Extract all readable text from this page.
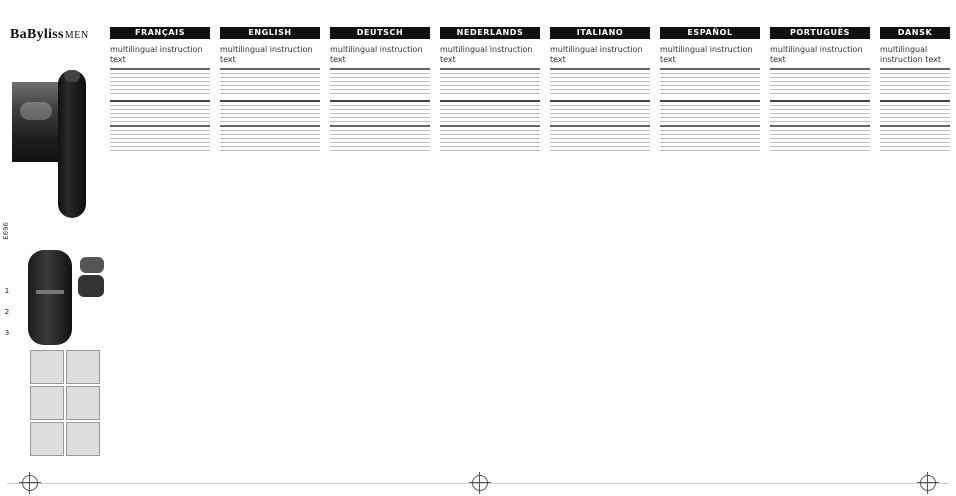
BaBylissMEN
1
2
3
E696
FRANÇAIS
multilingual instruction text
ENGLISH
multilingual instruction text
DEUTSCH
multilingual instruction text
NEDERLANDS
multilingual instruction text
ITALIANO
multilingual instruction text
ESPAÑOL
multilingual instruction text
PORTUGUÊS
multilingual instruction text
DANSK
multilingual instruction text
